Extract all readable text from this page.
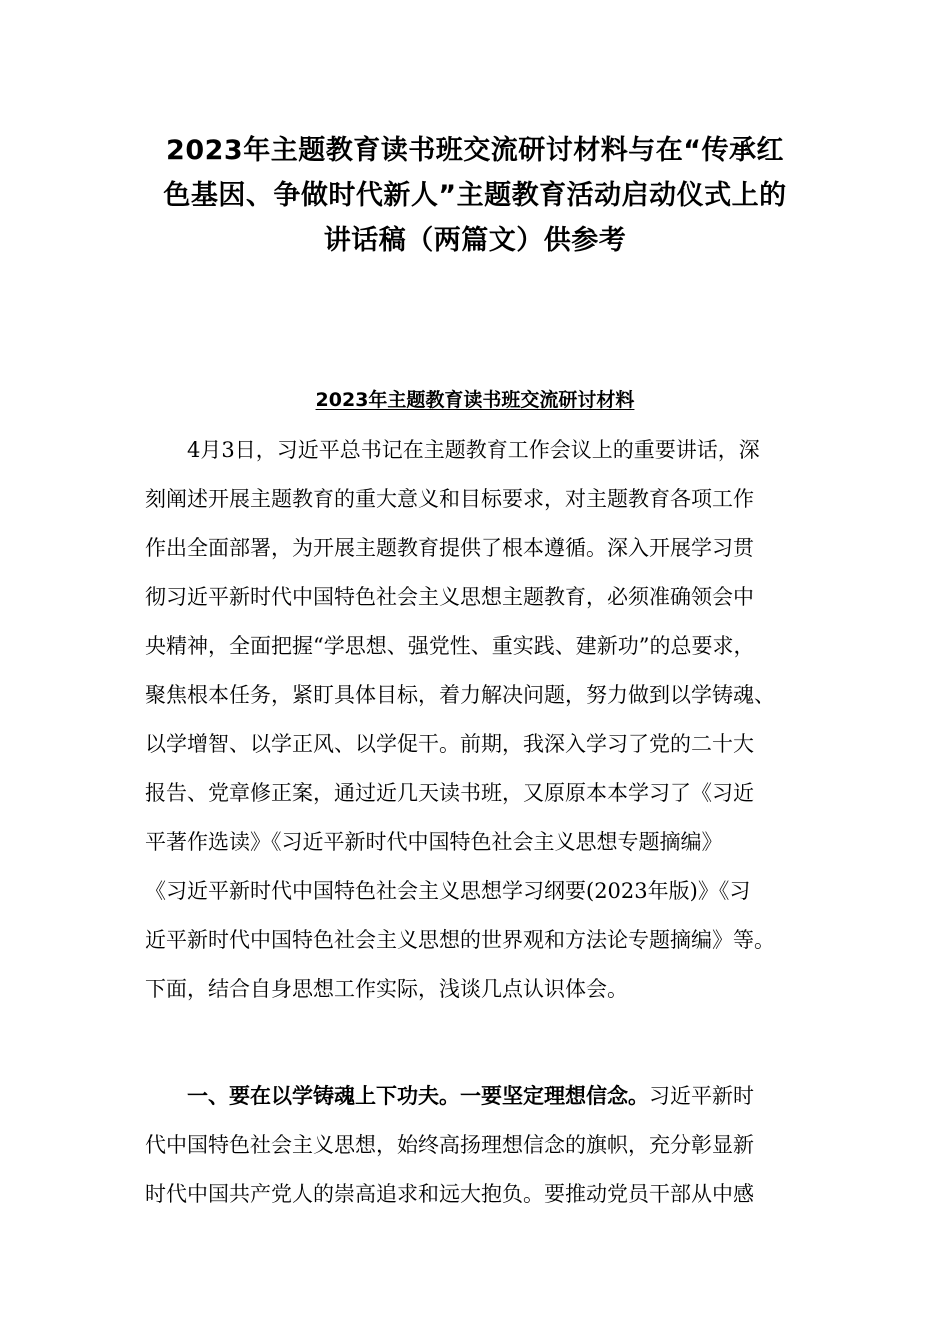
2023年主题教育读书班交流研讨材料与在“传承红
色基因、争做时代新人”主题教育活动启动仪式上的
讲话稿（两篇文）供参考
2023年主题教育读书班交流研讨材料
　　4月3日，习近平总书记在主题教育工作会议上的重要讲话，深
刻阐述开展主题教育的重大意义和目标要求，对主题教育各项工作
作出全面部署，为开展主题教育提供了根本遵循。深入开展学习贯
彻习近平新时代中国特色社会主义思想主题教育，必须准确领会中
央精神，全面把握“学思想、强党性、重实践、建新功”的总要求，
聚焦根本任务，紧盯具体目标，着力解决问题，努力做到以学铸魂、
以学增智、以学正风、以学促干。前期，我深入学习了党的二十大
报告、党章修正案，通过近几天读书班，又原原本本学习了《习近
平著作选读》《习近平新时代中国特色社会主义思想专题摘编》
《习近平新时代中国特色社会主义思想学习纲要(2023年版)》《习
近平新时代中国特色社会主义思想的世界观和方法论专题摘编》等。
下面，结合自身思想工作实际，浅谈几点认识体会。
　　一、要在以学铸魂上下功夫。一要坚定理想信念。习近平新时
代中国特色社会主义思想，始终高扬理想信念的旗帜，充分彰显新
时代中国共产党人的崇高追求和远大抱负。要推动党员干部从中感
